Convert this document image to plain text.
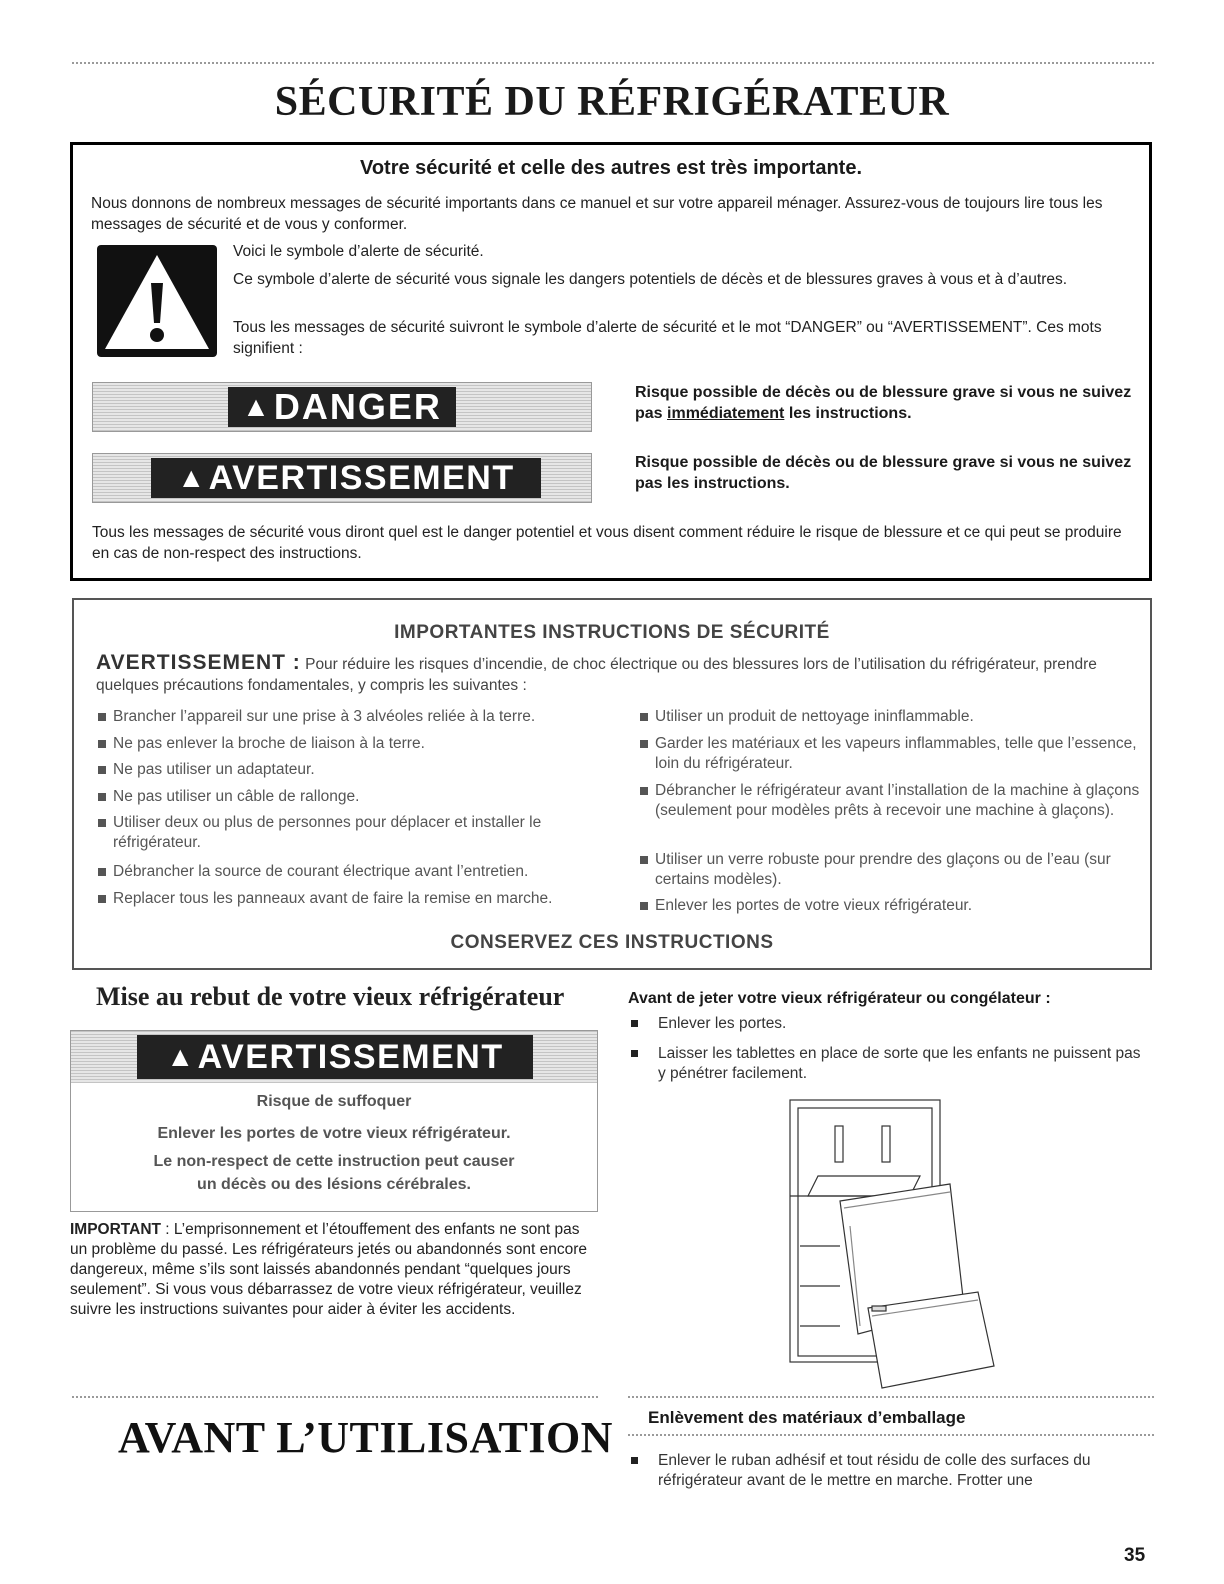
SÉCURITÉ DU RÉFRIGÉRATEUR
Votre sécurité et celle des autres est très importante.
Nous donnons de nombreux messages de sécurité importants dans ce manuel et sur votre appareil ménager. Assurez-vous de toujours lire tous les messages de sécurité et de vous y conformer.
Voici le symbole d’alerte de sécurité.
Ce symbole d’alerte de sécurité vous signale les dangers potentiels de décès et de blessures graves à vous et à d’autres.
Tous les messages de sécurité suivront le symbole d’alerte de sécurité et le mot “DANGER” ou “AVERTISSEMENT”. Ces mots signifient :
▲ DANGER	Risque possible de décès ou de blessure grave si vous ne suivez pas immédiatement les instructions.
▲ AVERTISSEMENT	Risque possible de décès ou de blessure grave si vous ne suivez pas les instructions.
Tous les messages de sécurité vous diront quel est le danger potentiel et vous disent comment réduire le risque de blessure et ce qui peut se produire en cas de non-respect des instructions.
IMPORTANTES INSTRUCTIONS DE SÉCURITÉ
AVERTISSEMENT : Pour réduire les risques d’incendie, de choc électrique ou des blessures lors de l’utilisation du réfrigérateur, prendre quelques précautions fondamentales, y compris les suivantes :
Brancher l’appareil sur une prise à 3 alvéoles reliée à la terre.
Ne pas enlever la broche de liaison à la terre.
Ne pas utiliser un adaptateur.
Ne pas utiliser un câble de rallonge.
Utiliser deux ou plus de personnes pour déplacer et installer le réfrigérateur.
Débrancher la source de courant électrique avant l’entretien.
Replacer tous les panneaux avant de faire la remise en marche.
Utiliser un produit de nettoyage ininflammable.
Garder les matériaux et les vapeurs inflammables, telle que l’essence, loin du réfrigérateur.
Débrancher le réfrigérateur avant l’installation de la machine à glaçons (seulement pour modèles prêts à recevoir une machine à glaçons).
Utiliser un verre robuste pour prendre des glaçons ou de l’eau (sur certains modèles).
Enlever les portes de votre vieux réfrigérateur.
CONSERVEZ CES INSTRUCTIONS
Mise au rebut de votre vieux réfrigérateur
▲ AVERTISSEMENT
Risque de suffoquer
Enlever les portes de votre vieux réfrigérateur.
Le non-respect de cette instruction peut causer
un décès ou des lésions cérébrales.
IMPORTANT : L’emprisonnement et l’étouffement des enfants ne sont pas un problème du passé. Les réfrigérateurs jetés ou abandonnés sont encore dangereux, même s’ils sont laissés abandonnés pendant “quelques jours seulement”. Si vous vous débarrassez de votre vieux réfrigérateur, veuillez suivre les instructions suivantes pour aider à éviter les accidents.
Avant de jeter votre vieux réfrigérateur ou congélateur :
Enlever les portes.
Laisser les tablettes en place de sorte que les enfants ne puissent pas y pénétrer facilement.
AVANT L’UTILISATION Enlèvement des matériaux d’emballage
Enlever le ruban adhésif et tout résidu de colle des surfaces du réfrigérateur avant de le mettre en marche. Frotter une
35
